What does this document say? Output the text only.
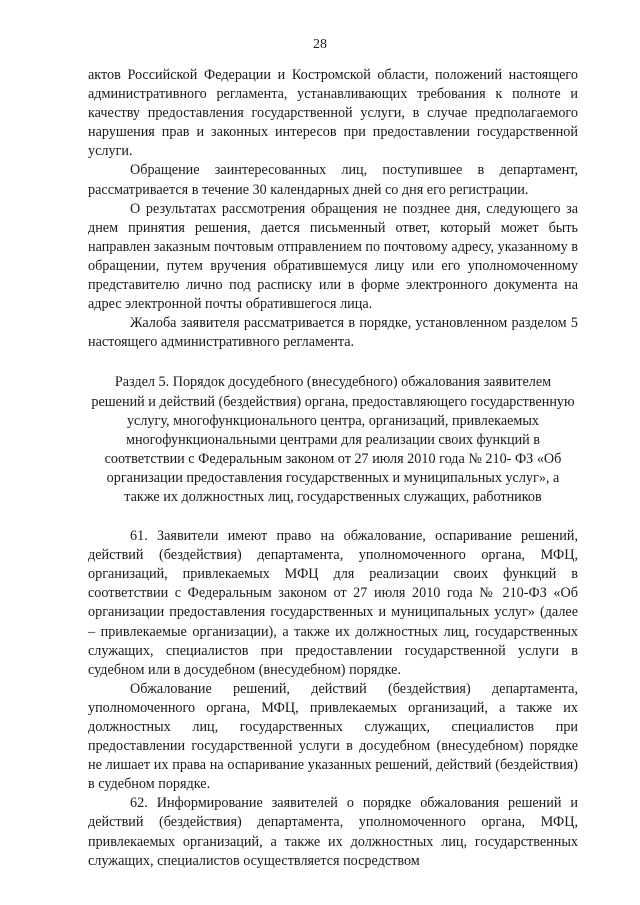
28

актов Российской Федерации и Костромской области, положений настоящего административного регламента, устанавливающих требования к полноте и качеству предоставления государственной услуги, в случае предполагаемого нарушения прав и законных интересов при предоставлении государственной услуги.

Обращение заинтересованных лиц, поступившее в департамент, рассматривается в течение 30 календарных дней со дня его регистрации.

О результатах рассмотрения обращения не позднее дня, следующего за днем принятия решения, дается письменный ответ, который может быть направлен заказным почтовым отправлением по почтовому адресу, указанному в обращении, путем вручения обратившемуся лицу или его уполномоченному представителю лично под расписку или в форме электронного документа на адрес электронной почты обратившегося лица.

Жалоба заявителя рассматривается в порядке, установленном разделом 5 настоящего административного регламента.

Раздел 5. Порядок досудебного (внесудебного) обжалования заявителем решений и действий (бездействия) органа, предоставляющего государственную услугу, многофункционального центра, организаций, привлекаемых многофункциональными центрами для реализации своих функций в соответствии с Федеральным законом от 27 июля 2010 года № 210- ФЗ «Об организации предоставления государственных и муниципальных услуг», а также их должностных лиц, государственных служащих, работников

61. Заявители имеют право на обжалование, оспаривание решений, действий (бездействия) департамента, уполномоченного органа, МФЦ, организаций, привлекаемых МФЦ для реализации своих функций в соответствии с Федеральным законом от 27 июля 2010 года № 210-ФЗ «Об организации предоставления государственных и муниципальных услуг» (далее – привлекаемые организации), а также их должностных лиц, государственных служащих, специалистов при предоставлении государственной услуги в судебном или в досудебном (внесудебном) порядке.

Обжалование решений, действий (бездействия) департамента, уполномоченного органа, МФЦ, привлекаемых организаций, а также их должностных лиц, государственных служащих, специалистов при предоставлении государственной услуги в досудебном (внесудебном) порядке не лишает их права на оспаривание указанных решений, действий (бездействия) в судебном порядке.

62. Информирование заявителей о порядке обжалования решений и действий (бездействия) департамента, уполномоченного органа, МФЦ, привлекаемых организаций, а также их должностных лиц, государственных служащих, специалистов осуществляется посредством
